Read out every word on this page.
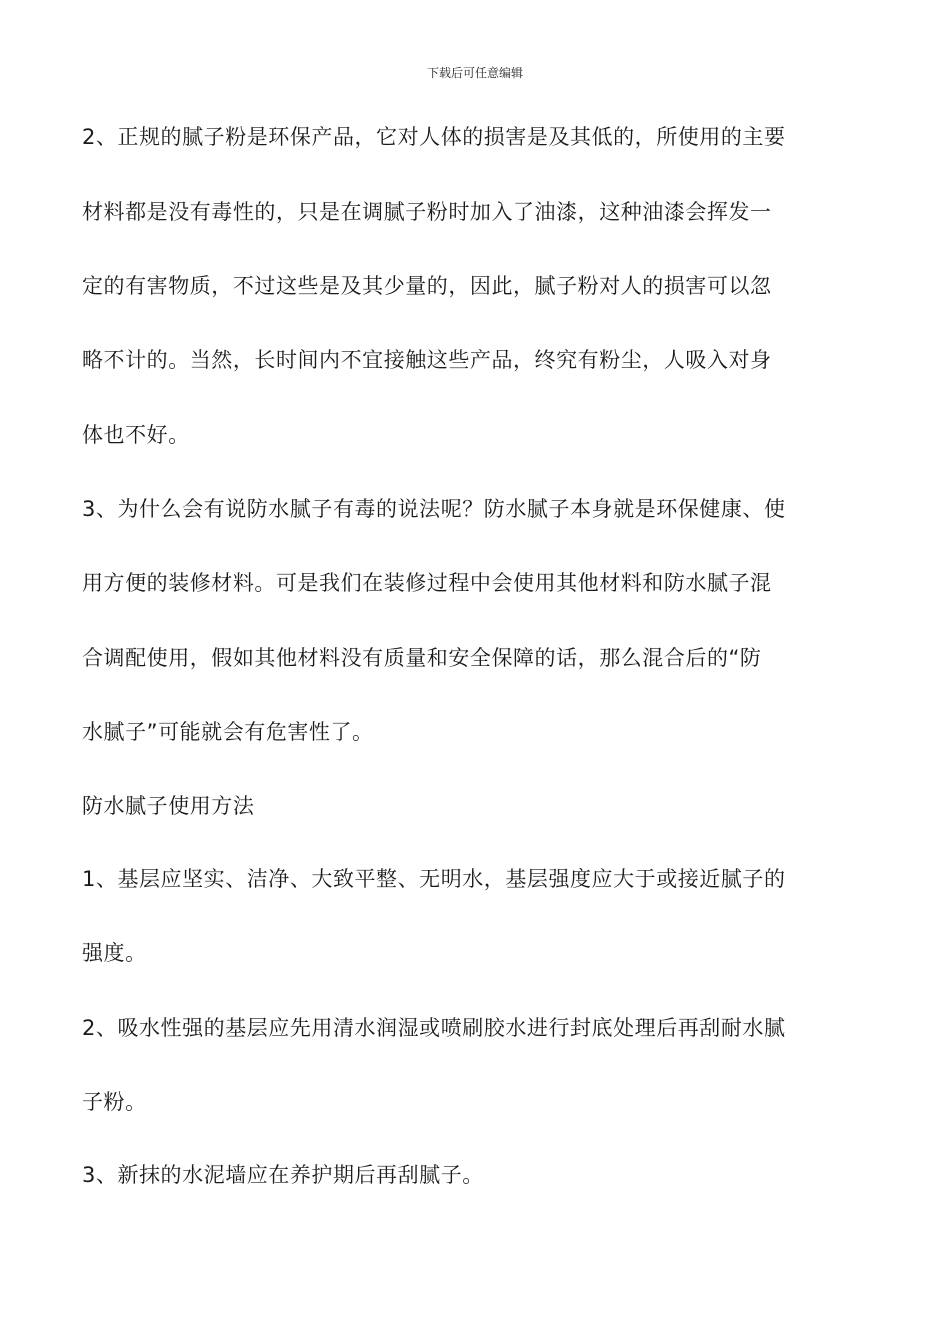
下载后可任意编辑
2、正规的腻子粉是环保产品，它对人体的损害是及其低的，所使用的主要
材料都是没有毒性的，只是在调腻子粉时加入了油漆，这种油漆会挥发一
定的有害物质，不过这些是及其少量的，因此，腻子粉对人的损害可以忽
略不计的。当然，长时间内不宜接触这些产品，终究有粉尘，人吸入对身
体也不好。
3、为什么会有说防水腻子有毒的说法呢？防水腻子本身就是环保健康、使
用方便的装修材料。可是我们在装修过程中会使用其他材料和防水腻子混
合调配使用，假如其他材料没有质量和安全保障的话，那么混合后的“防
水腻子”可能就会有危害性了。
防水腻子使用方法
1、基层应坚实、洁净、大致平整、无明水，基层强度应大于或接近腻子的
强度。
2、吸水性强的基层应先用清水润湿或喷刷胶水进行封底处理后再刮耐水腻
子粉。
3、新抹的水泥墙应在养护期后再刮腻子。
